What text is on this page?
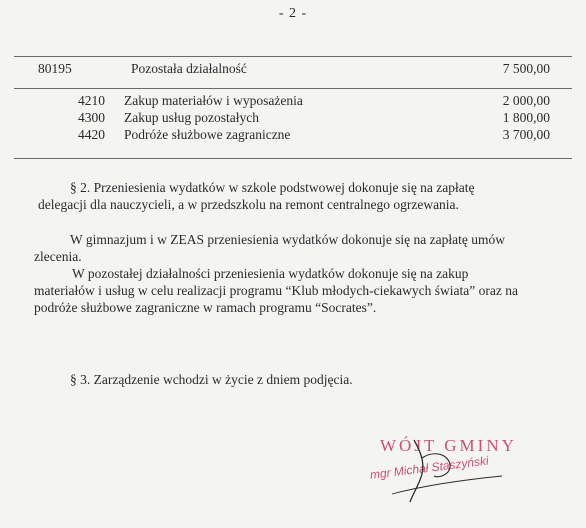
- 2 -
80195	Pozostała działalność	7 500,00
4210 Zakup materiałów i wyposażenia	2 000,00
4300 Zakup usług pozostałych	1 800,00
4420 Podróże służbowe zagraniczne	3 700,00
§ 2. Przeniesienia wydatków w szkole podstwowej dokonuje się na zapłatę
delegacji dla nauczycieli, a w przedszkolu na remont centralnego ogrzewania.
W gimnazjum i w ZEAS przeniesienia wydatków dokonuje się na zapłatę umów
zlecenia.
W pozostałej działalności przeniesienia wydatków dokonuje się na zakup
materiałów i usług w celu realizacji programu “Klub młodych-ciekawych świata” oraz na
podróże służbowe zagraniczne w ramach programu “Socrates”.
§ 3. Zarządzenie wchodzi w życie z dniem podjęcia.
WÓJT GMINY
mgr Michał Staszyński
